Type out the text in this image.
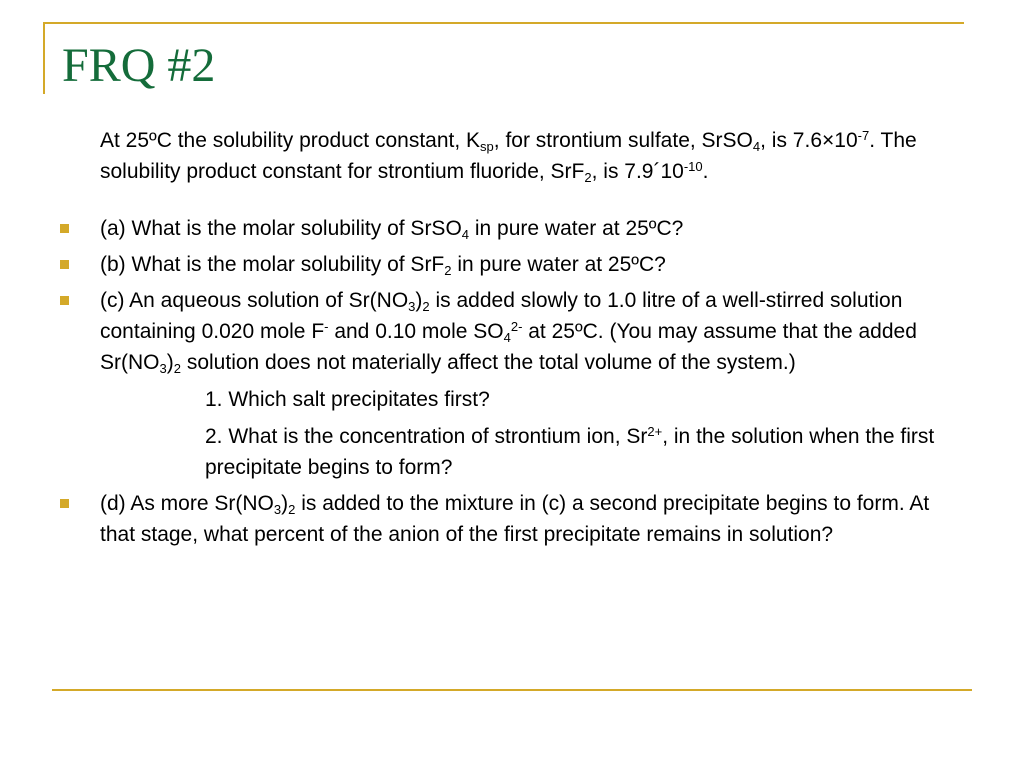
FRQ #2
At 25ºC the solubility product constant, $K_{sp}$, for strontium sulfate, SrSO$_4$, is $7.6\times 10^{-7}$. The solubility product constant for strontium fluoride, SrF$_2$, is $7.9´10^{-10}$.
(a) What is the molar solubility of SrSO$_4$ in pure water at 25ºC?
(b) What is the molar solubility of SrF$_2$ in pure water at 25ºC?
(c) An aqueous solution of $Sr(NO_3)_2$ is added slowly to 1.0 litre of a well-stirred solution containing 0.020 mole F- and 0.10 mole $SO_4^{2-}$ at 25ºC. (You may assume that the added $Sr(NO_3)_2$ solution does not materially affect the total volume of the system.)
1. Which salt precipitates first?
2. What is the concentration of strontium ion, $Sr^{2+}$, in the solution when the first precipitate begins to form?
(d) As more $Sr(NO_3)_2$ is added to the mixture in (c) a second precipitate begins to form. At that stage, what percent of the anion of the first precipitate remains in solution?
